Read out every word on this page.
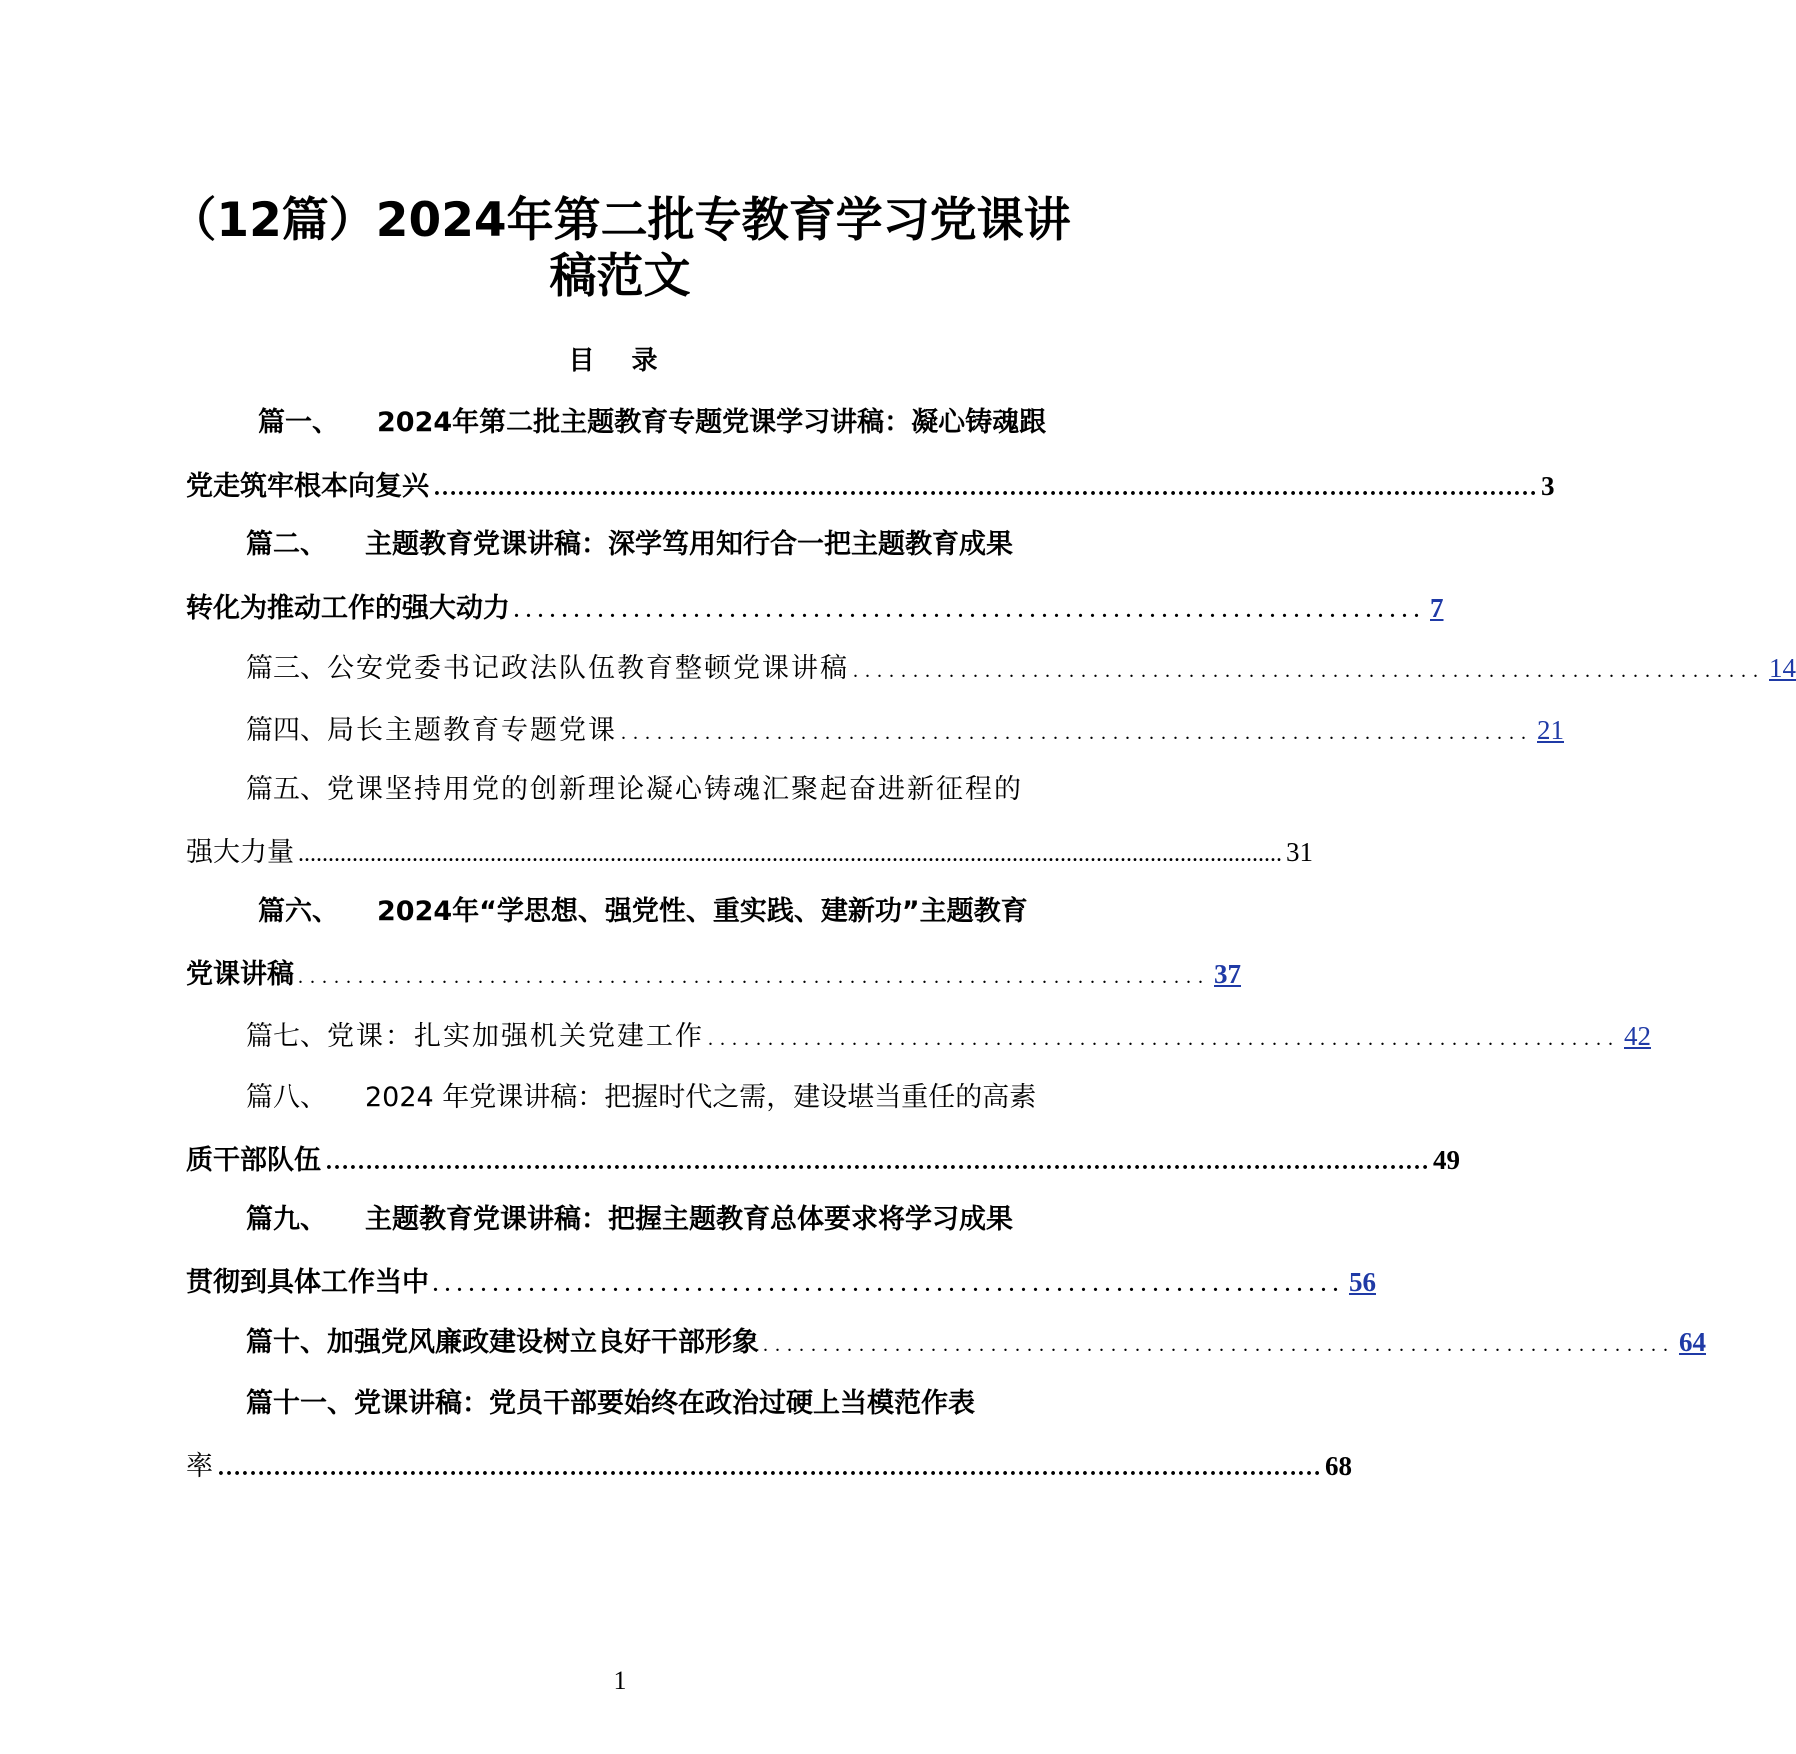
（12篇）2024年第二批专教育学习党课讲
稿范文
目 录
篇一、 2024年第二批主题教育专题党课学习讲稿：凝心铸魂跟
党走筑牢根本向复兴 ………………………………………………………………………………………………………………………… 3
篇二、 主题教育党课讲稿：深学笃用知行合一把主题教育成果
转化为推动工作的强大动力 ............................................................................ 7
篇三、 公安党委书记政法队伍教育整顿党课讲稿 ............................................................................ 14
篇四、 局长主题教育专题党课 ............................................................................ 21
篇五、党课坚持用党的创新理论凝心铸魂汇聚起奋进新征程的
强大力量 .................................................................................................................................................................... 31
篇六、 2024年“学思想、强党性、重实践、建新功”主题教育
党课讲稿 ............................................................................ 37
篇七、 党课：扎实加强机关党建工作 ............................................................................ 42
篇八、 2024 年党课讲稿：把握时代之需，建设堪当重任的高素
质干部队伍 ………………………………………………………………………………………………………………………… 49
篇九、 主题教育党课讲稿：把握主题教育总体要求将学习成果
贯彻到具体工作当中 ............................................................................ 56
篇十、 加强党风廉政建设树立良好干部形象 ............................................................................ 64
篇十一、党课讲稿：党员干部要始终在政治过硬上当模范作表
率 ………………………………………………………………………………………………………………………… 68
1
